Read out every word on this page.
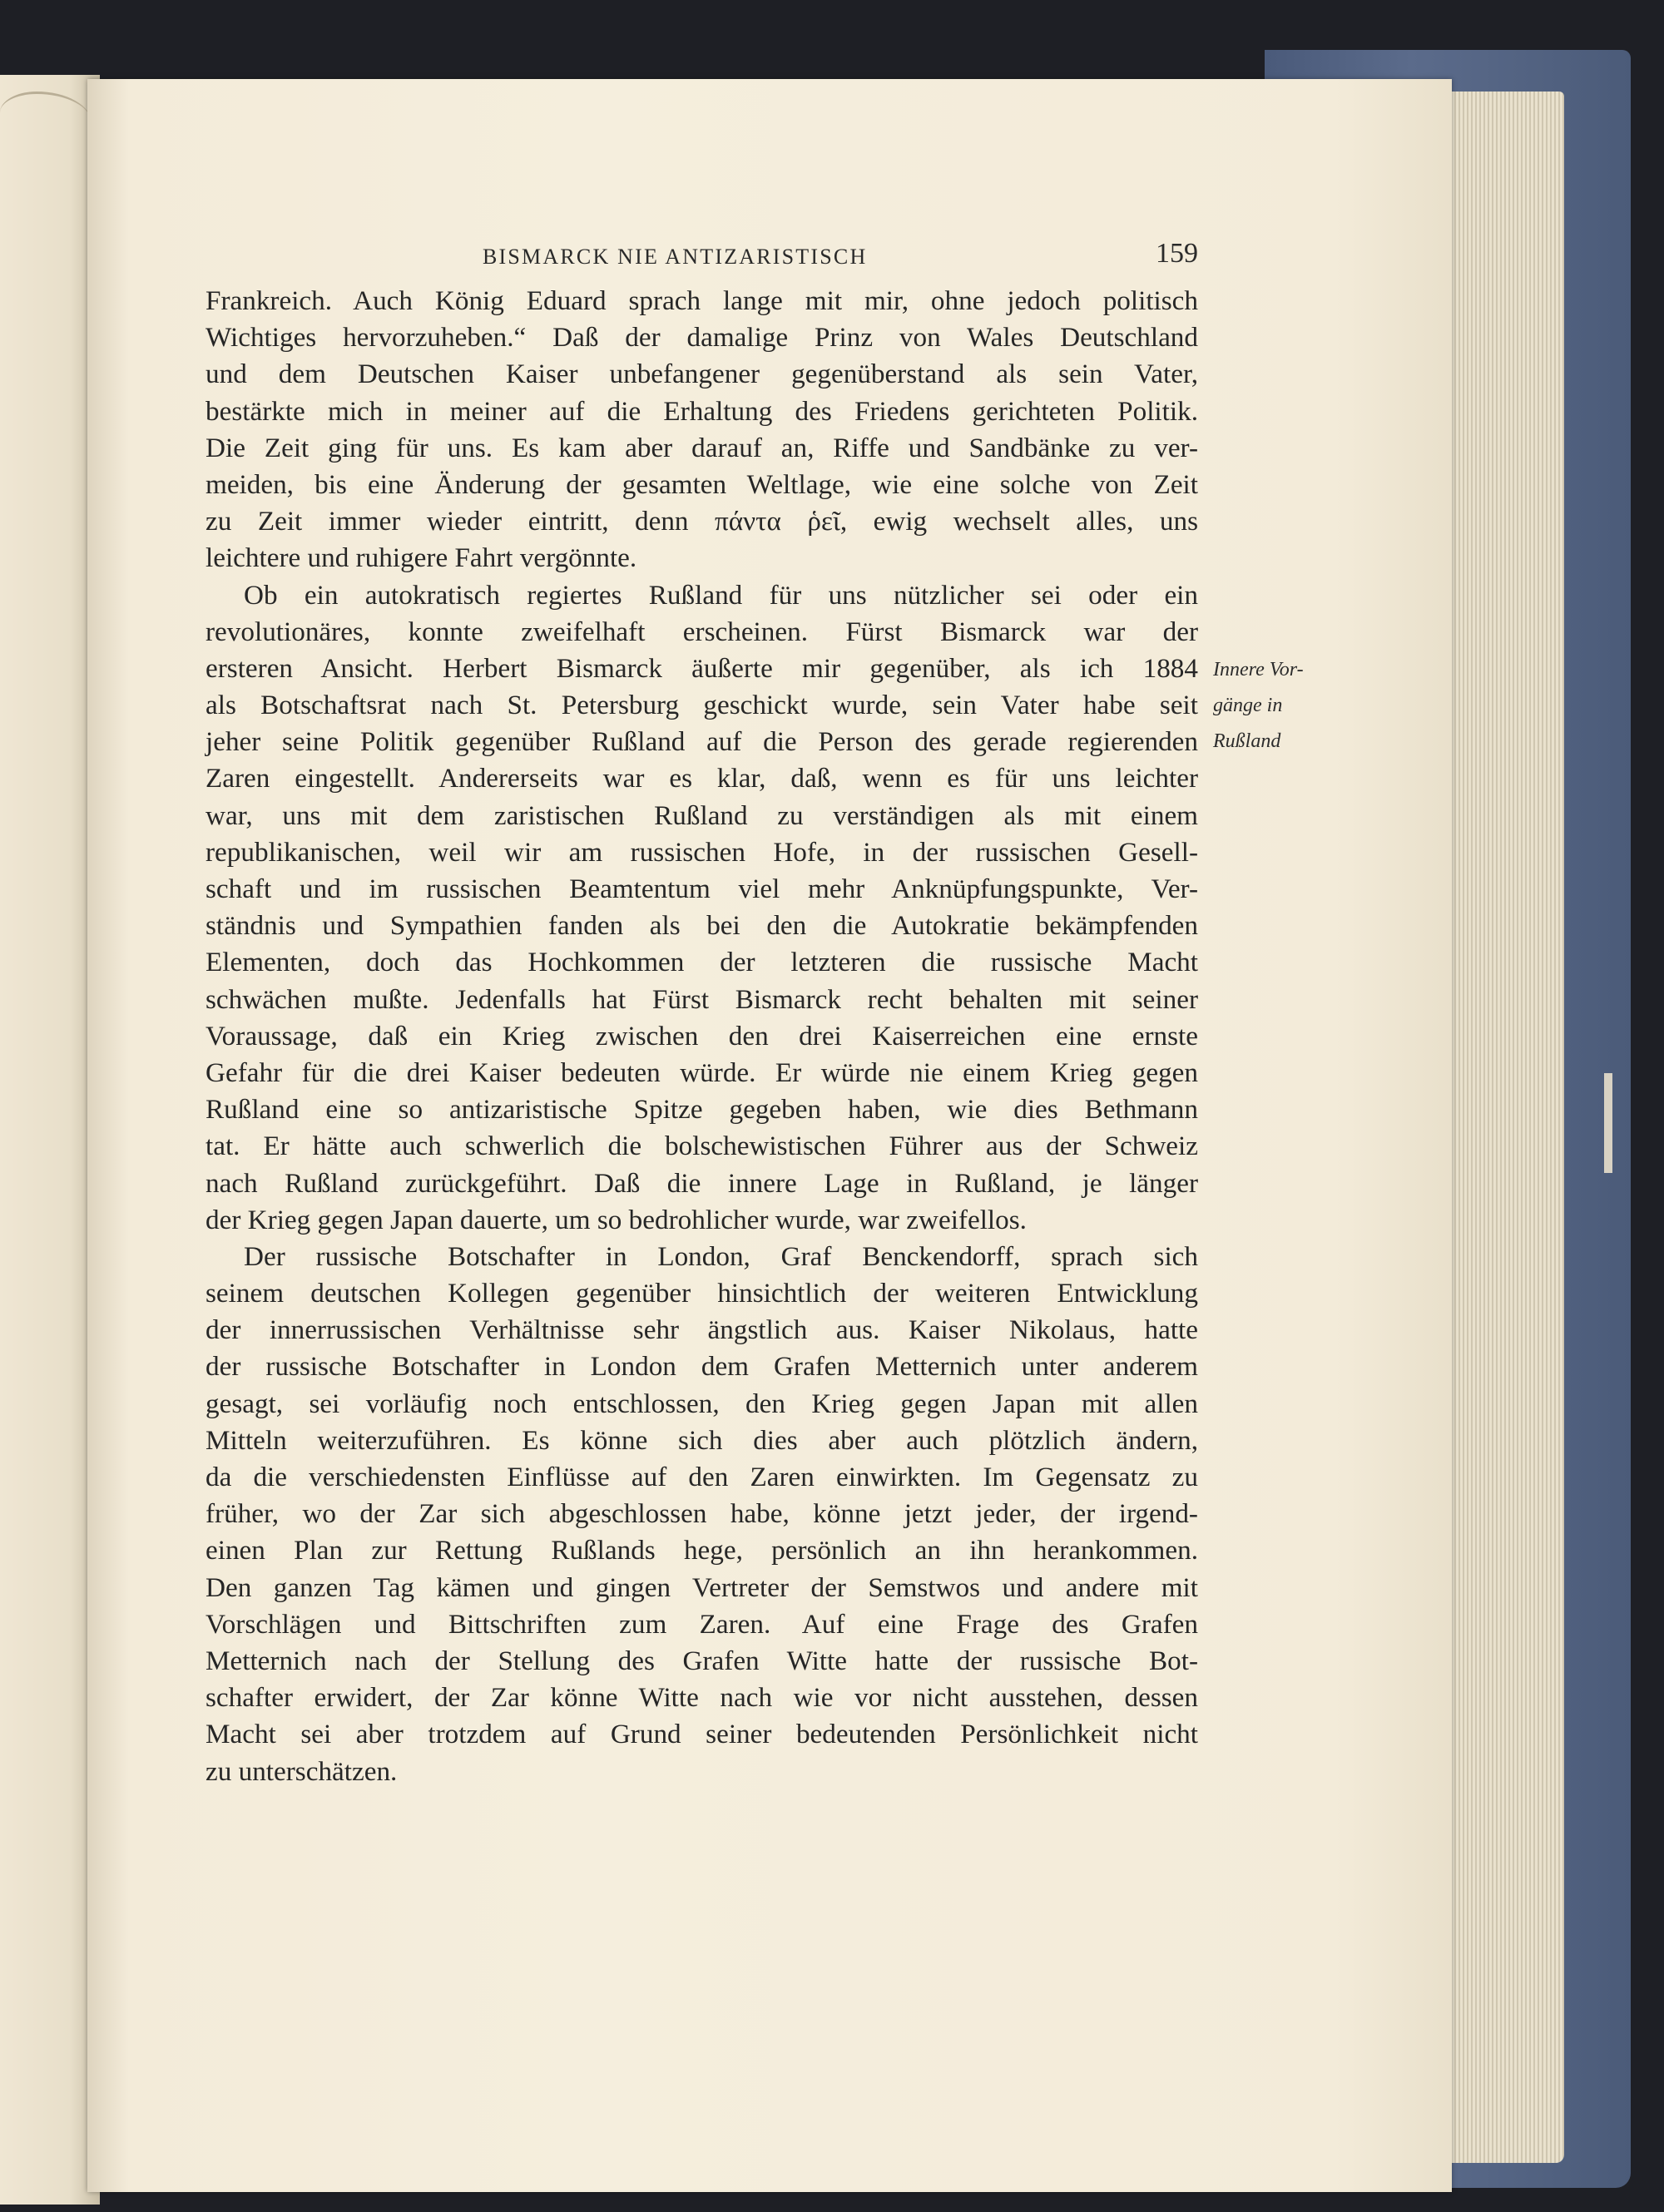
BISMARCK NIE ANTIZARISTISCH	159
Frankreich. Auch König Eduard sprach lange mit mir, ohne jedoch politisch
Wichtiges hervorzuheben.“ Daß der damalige Prinz von Wales Deutschland
und dem Deutschen Kaiser unbefangener gegenüberstand als sein Vater,
bestärkte mich in meiner auf die Erhaltung des Friedens gerichteten Politik.
Die Zeit ging für uns. Es kam aber darauf an, Riffe und Sandbänke zu ver-
meiden, bis eine Änderung der gesamten Weltlage, wie eine solche von Zeit
zu Zeit immer wieder eintritt, denn πάντα ῥεῖ, ewig wechselt alles, uns
leichtere und ruhigere Fahrt vergönnte.
Ob ein autokratisch regiertes Rußland für uns nützlicher sei oder ein
revolutionäres, konnte zweifelhaft erscheinen. Fürst Bismarck war der
ersteren Ansicht. Herbert Bismarck äußerte mir gegenüber, als ich 1884
als Botschaftsrat nach St. Petersburg geschickt wurde, sein Vater habe seit
jeher seine Politik gegenüber Rußland auf die Person des gerade regierenden
Zaren eingestellt. Andererseits war es klar, daß, wenn es für uns leichter
war, uns mit dem zaristischen Rußland zu verständigen als mit einem
republikanischen, weil wir am russischen Hofe, in der russischen Gesell-
schaft und im russischen Beamtentum viel mehr Anknüpfungspunkte, Ver-
ständnis und Sympathien fanden als bei den die Autokratie bekämpfenden
Elementen, doch das Hochkommen der letzteren die russische Macht
schwächen mußte. Jedenfalls hat Fürst Bismarck recht behalten mit seiner
Voraussage, daß ein Krieg zwischen den drei Kaiserreichen eine ernste
Gefahr für die drei Kaiser bedeuten würde. Er würde nie einem Krieg gegen
Rußland eine so antizaristische Spitze gegeben haben, wie dies Bethmann
tat. Er hätte auch schwerlich die bolschewistischen Führer aus der Schweiz
nach Rußland zurückgeführt. Daß die innere Lage in Rußland, je länger
der Krieg gegen Japan dauerte, um so bedrohlicher wurde, war zweifellos.
Der russische Botschafter in London, Graf Benckendorff, sprach sich
seinem deutschen Kollegen gegenüber hinsichtlich der weiteren Entwicklung
der innerrussischen Verhältnisse sehr ängstlich aus. Kaiser Nikolaus, hatte
der russische Botschafter in London dem Grafen Metternich unter anderem
gesagt, sei vorläufig noch entschlossen, den Krieg gegen Japan mit allen
Mitteln weiterzuführen. Es könne sich dies aber auch plötzlich ändern,
da die verschiedensten Einflüsse auf den Zaren einwirkten. Im Gegensatz zu
früher, wo der Zar sich abgeschlossen habe, könne jetzt jeder, der irgend-
einen Plan zur Rettung Rußlands hege, persönlich an ihn herankommen.
Den ganzen Tag kämen und gingen Vertreter der Semstwos und andere mit
Vorschlägen und Bittschriften zum Zaren. Auf eine Frage des Grafen
Metternich nach der Stellung des Grafen Witte hatte der russische Bot-
schafter erwidert, der Zar könne Witte nach wie vor nicht ausstehen, dessen
Macht sei aber trotzdem auf Grund seiner bedeutenden Persönlichkeit nicht
zu unterschätzen.
Innere Vor-
gänge in
Rußland
